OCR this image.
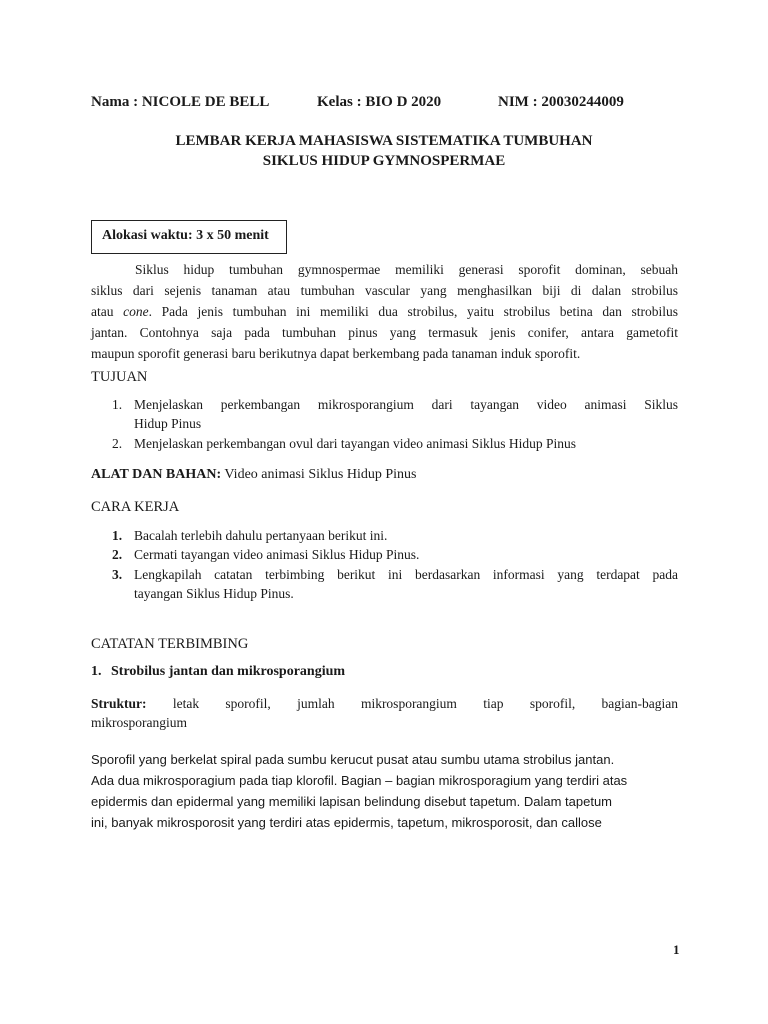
Nama : NICOLE DE BELL	Kelas : BIO D 2020	NIM : 20030244009
LEMBAR KERJA MAHASISWA SISTEMATIKA TUMBUHAN
SIKLUS HIDUP GYMNOSPERMAE
Alokasi waktu: 3 x 50 menit
Siklus hidup tumbuhan gymnospermae memiliki generasi sporofit dominan, sebuah
siklus dari sejenis tanaman atau tumbuhan vascular yang menghasilkan biji di dalan strobilus
atau cone. Pada jenis tumbuhan ini memiliki dua strobilus, yaitu strobilus betina dan strobilus
jantan. Contohnya saja pada tumbuhan pinus yang termasuk jenis conifer, antara gametofit
maupun sporofit generasi baru berikutnya dapat berkembang pada tanaman induk sporofit.
TUJUAN
1. Menjelaskan perkembangan mikrosporangium dari tayangan video animasi Siklus
Hidup Pinus
2. Menjelaskan perkembangan ovul dari tayangan video animasi Siklus Hidup Pinus
ALAT DAN BAHAN: Video animasi Siklus Hidup Pinus
CARA KERJA
1. Bacalah terlebih dahulu pertanyaan berikut ini.
2. Cermati tayangan video animasi Siklus Hidup Pinus.
3. Lengkapilah catatan terbimbing berikut ini berdasarkan informasi yang terdapat pada
tayangan Siklus Hidup Pinus.
CATATAN TERBIMBING
1. Strobilus jantan dan mikrosporangium
Struktur: letak sporofil, jumlah mikrosporangium tiap sporofil, bagian-bagian
mikrosporangium
Sporofil yang berkelat spiral pada sumbu kerucut pusat atau sumbu utama strobilus jantan.
Ada dua mikrosporagium pada tiap klorofil. Bagian – bagian mikrosporagium yang terdiri atas
epidermis dan epidermal yang memiliki lapisan belindung disebut tapetum. Dalam tapetum
ini, banyak mikrosporosit yang terdiri atas epidermis, tapetum, mikrosporosit, dan callose
1
